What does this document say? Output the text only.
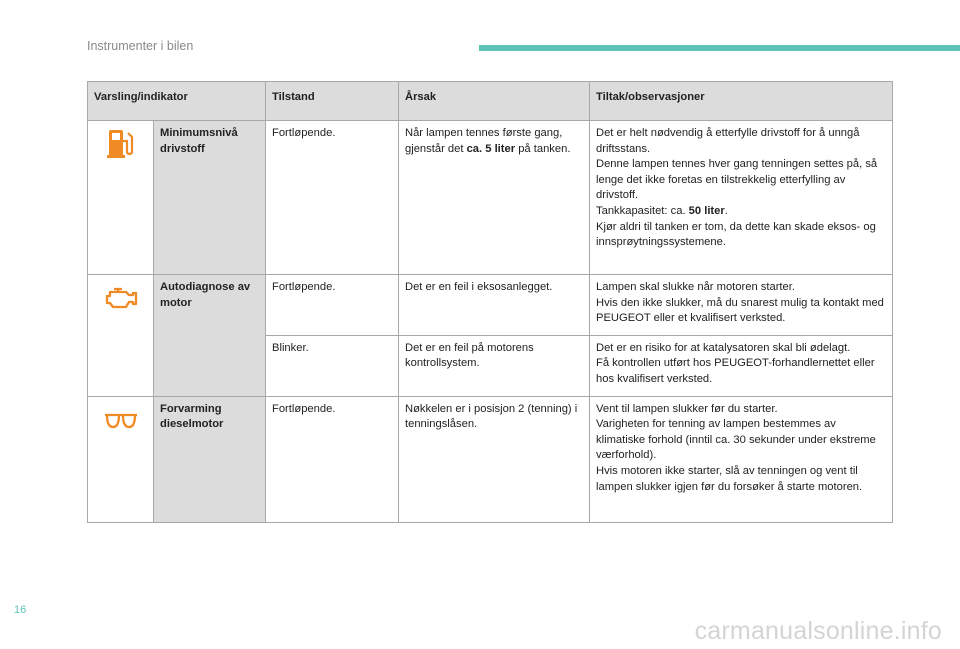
Instrumenter i bilen
Varsling/indikator		Tilstand	Årsak	Tiltak/observasjoner

	Minimumsnivå drivstoff	Fortløpende.	Når lampen tennes første gang, gjenstår det ca. 5 liter på tanken.	Det er helt nødvendig å etterfylle drivstoff for å unngå driftsstans.
Denne lampen tennes hver gang tenningen settes på, så lenge det ikke foretas en tilstrekkelig etterfylling av drivstoff.
Tankkapasitet: ca. 50 liter.
Kjør aldri til tanken er tom, da dette kan skade eksos- og innsprøytningssystemene.

	Autodiagnose av motor	Fortløpende.	Det er en feil i eksosanlegget.	Lampen skal slukke når motoren starter.
Hvis den ikke slukker, må du snarest mulig ta kontakt med PEUGEOT eller et kvalifisert verksted.

		Blinker.	Det er en feil på motorens kontrollsystem.	Det er en risiko for at katalysatoren skal bli ødelagt.
Få kontrollen utført hos PEUGEOT-forhandlernettet eller hos kvalifisert verksted.

	Forvarming dieselmotor	Fortløpende.	Nøkkelen er i posisjon 2 (tenning) i tenningslåsen.	Vent til lampen slukker før du starter.
Varigheten for tenning av lampen bestemmes av klimatiske forhold (inntil ca. 30 sekunder under ekstreme værforhold).
Hvis motoren ikke starter, slå av tenningen og vent til lampen slukker igjen før du forsøker å starte motoren.
16
carmanualsonline.info
